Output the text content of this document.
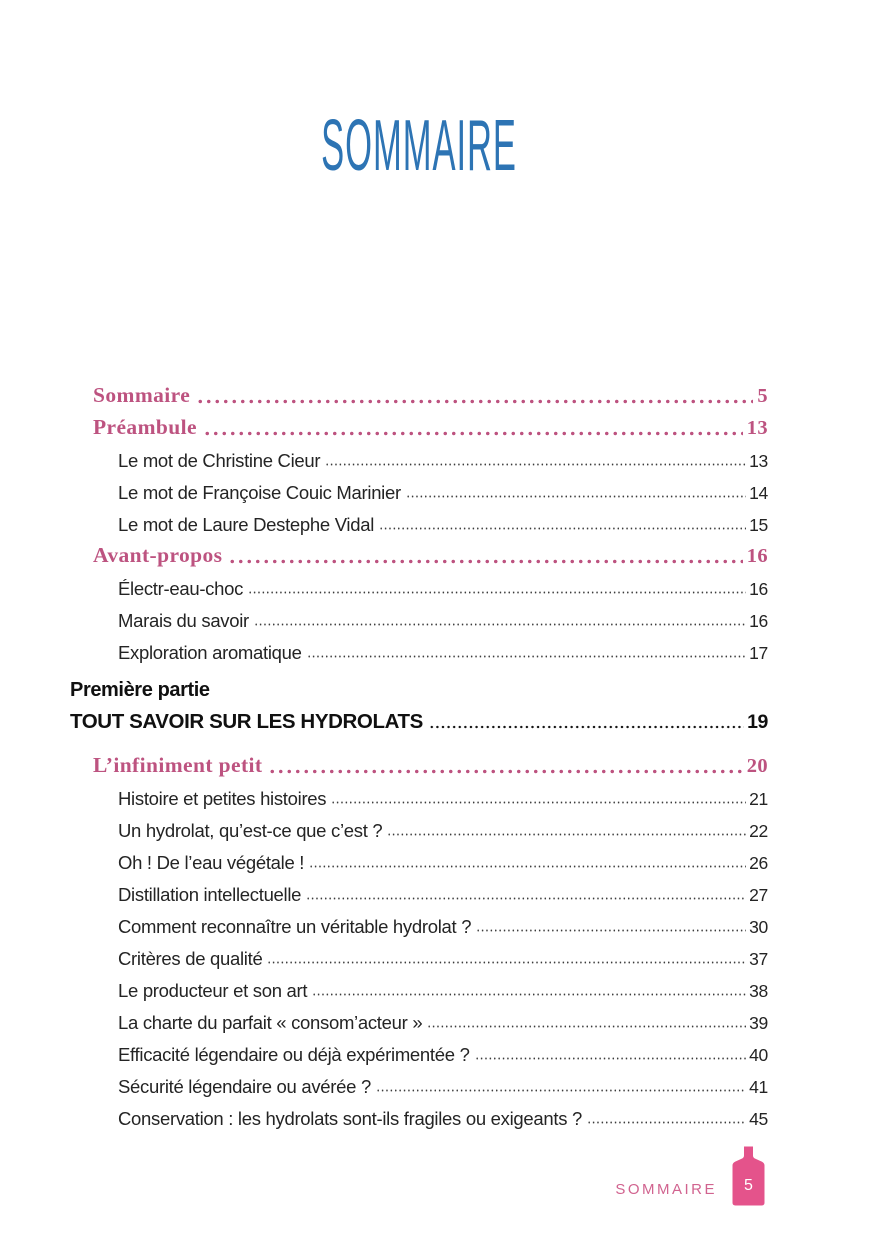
SOMMAIRE
Sommaire	5
Préambule	13
Le mot de Christine Cieur	13
Le mot de Françoise Couic Marinier	14
Le mot de Laure Destephe Vidal	15
Avant-propos	16
Électr-eau-choc	16
Marais du savoir	16
Exploration aromatique	17
Première partie
TOUT SAVOIR SUR LES HYDROLATS	19
L’infiniment petit	20
Histoire et petites histoires	21
Un hydrolat, qu’est-ce que c’est ?	22
Oh ! De l’eau végétale !	26
Distillation intellectuelle	27
Comment reconnaître un véritable hydrolat ?	30
Critères de qualité	37
Le producteur et son art	38
La charte du parfait « consom’acteur »	39
Efficacité légendaire ou déjà expérimentée ?	40
Sécurité légendaire ou avérée ?	41
Conservation : les hydrolats sont-ils fragiles ou exigeants ?	45
SOMMAIRE 5
